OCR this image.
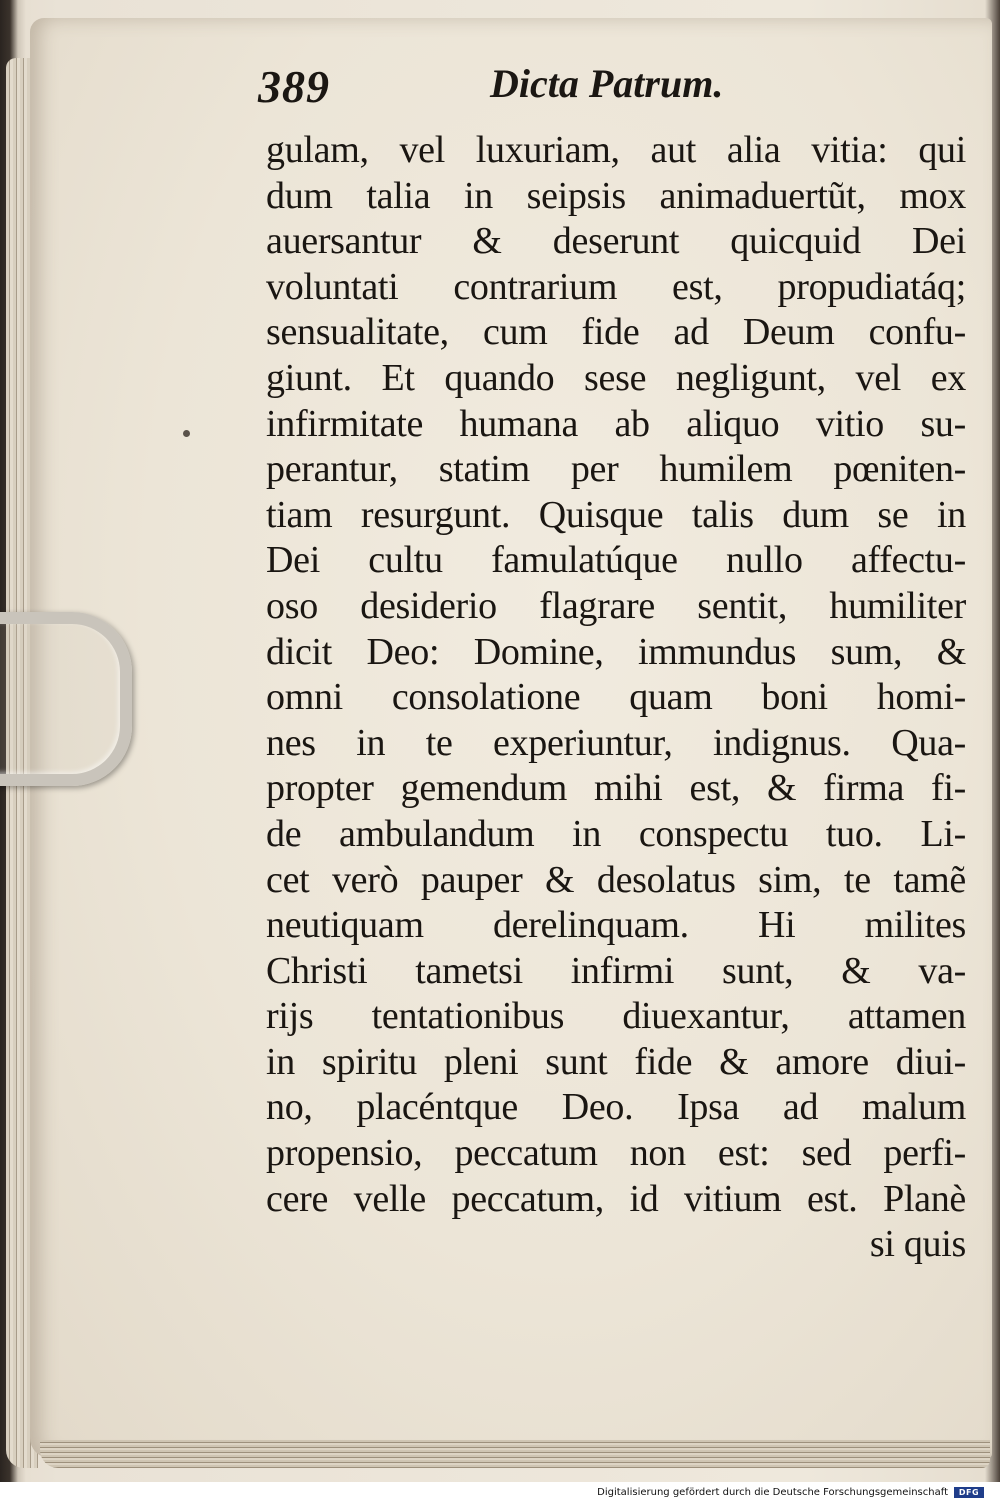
389	Dicta Patrum.
gulam, vel luxuriam, aut alia vitia: qui
dum talia in seipsis animaduertũt, mox
auersantur & deserunt quicquid Dei
voluntati contrarium est, propudiatáq;
sensualitate, cum fide ad Deum confu-
giunt. Et quando sese negligunt, vel ex
infirmitate humana ab aliquo vitio su-
perantur, statim per humilem pœniten-
tiam resurgunt. Quisque talis dum se in
Dei cultu famulatúque nullo affectu-
oso desiderio flagrare sentit, humiliter
dicit Deo: Domine, immundus sum, &
omni consolatione quam boni homi-
nes in te experiuntur, indignus. Qua-
propter gemendum mihi est, & firma fi-
de ambulandum in conspectu tuo. Li-
cet verò pauper & desolatus sim, te tamẽ
neutiquam derelinquam. Hi milites
Christi tametsi infirmi sunt, & va-
rijs tentationibus diuexantur, attamen
in spiritu pleni sunt fide & amore diui-
no, placéntque Deo. Ipsa ad malum
propensio, peccatum non est: sed perfi-
cere velle peccatum, id vitium est. Planè
si quis
Digitalisierung gefördert durch die Deutsche Forschungsgemeinschaft	DFG
